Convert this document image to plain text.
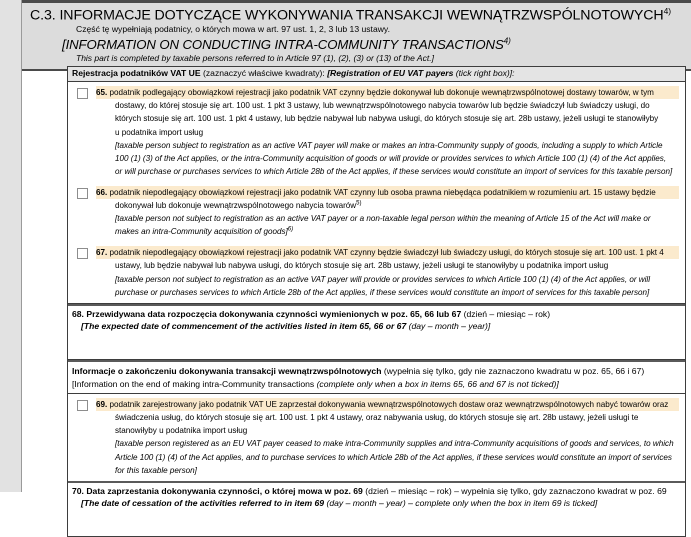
C.3. INFORMACJE DOTYCZĄCE WYKONYWANIA TRANSAKCJI WEWNĄTRZWSPÓLNOTOWYCH$^{4)}$
Część tę wypełniają podatnicy, o których mowa w art. 97 ust. 1, 2, 3 lub 13 ustawy.
[INFORMATION ON CONDUCTING INTRA-COMMUNITY TRANSACTIONS$^{4)}$
This part is completed by taxable persons referred to in Article 97 (1), (2), (3) or (13) of the Act.]
Rejestracja podatników VAT UE (zaznaczyć właściwe kwadraty): [Registration of EU VAT payers (tick right box)]:
65. podatnik podlegający obowiązkowi rejestracji jako podatnik VAT czynny będzie dokonywał lub dokonuje wewnątrzwspólnotowej dostawy towarów, w tym
dostawy, do której stosuje się art. 100 ust. 1 pkt 3 ustawy, lub wewnątrzwspólnotowego nabycia towarów lub będzie świadczył lub świadczy usługi, do
których stosuje się art. 100 ust. 1 pkt 4 ustawy, lub będzie nabywał lub nabywa usługi, do których stosuje się art. 28b ustawy, jeżeli usługi te stanowiłyby
u podatnika import usług
[taxable person subject to registration as an active VAT payer will make or makes an intra-Community supply of goods, including a supply to which Article
100 (1) (3) of the Act applies, or the intra-Community acquisition of goods or will provide or provides services to which Article 100 (1) (4) of the Act applies,
or will purchase or purchases services to which Article 28b of the Act applies, if these services would constitute an import of services for this taxable person]
66. podatnik niepodlegający obowiązkowi rejestracji jako podatnik VAT czynny lub osoba prawna niebędąca podatnikiem w rozumieniu art. 15 ustawy będzie
dokonywał lub dokonuje wewnątrzwspólnotowego nabycia towarów$^{5)}$
[taxable person not subject to registration as an active VAT payer or a non-taxable legal person within the meaning of Article 15 of the Act will make or
makes an intra-Community acquisition of goods]$^{6)}$
67. podatnik niepodlegający obowiązkowi rejestracji jako podatnik VAT czynny będzie świadczył lub świadczy usługi, do których stosuje się art. 100 ust. 1 pkt 4
ustawy, lub będzie nabywał lub nabywa usługi, do których stosuje się art. 28b ustawy, jeżeli usługi te stanowiłyby u podatnika import usług
[taxable person not subject to registration as an active VAT payer will provide or provides services to which Article 100 (1) (4) of the Act applies, or will
purchase or purchases services to which Article 28b of the Act applies, if these services would constitute an import of services for this taxable person]
68. Przewidywana data rozpoczęcia dokonywania czynności wymienionych w poz. 65, 66 lub 67 (dzień – miesiąc – rok)
[The expected date of commencement of the activities listed in item 65, 66 or 67 (day – month – year)]
Informacje o zakończeniu dokonywania transakcji wewnątrzwspólnotowych (wypełnia się tylko, gdy nie zaznaczono kwadratu w poz. 65, 66 i 67)
[Information on the end of making intra-Community transactions (complete only when a box in items 65, 66 and 67 is not ticked)]
69. podatnik zarejestrowany jako podatnik VAT UE zaprzestał dokonywania wewnątrzwspólnotowych dostaw oraz wewnątrzwspólnotowych nabyć towarów oraz
świadczenia usług, do których stosuje się art. 100 ust. 1 pkt 4 ustawy, oraz nabywania usług, do których stosuje się art. 28b ustawy, jeżeli usługi te
stanowiłyby u podatnika import usług
[taxable person registered as an EU VAT payer ceased to make intra-Community supplies and intra-Community acquisitions of goods and services, to which
Article 100 (1) (4) of the Act applies, and to purchase services to which Article 28b of the Act applies, if these services would constitute an import of services
for this taxable person]
70. Data zaprzestania dokonywania czynności, o której mowa w poz. 69 (dzień – miesiąc – rok) – wypełnia się tylko, gdy zaznaczono kwadrat w poz. 69
[The date of cessation of the activities referred to in item 69 (day – month – year) – complete only when the box in item 69 is ticked]
